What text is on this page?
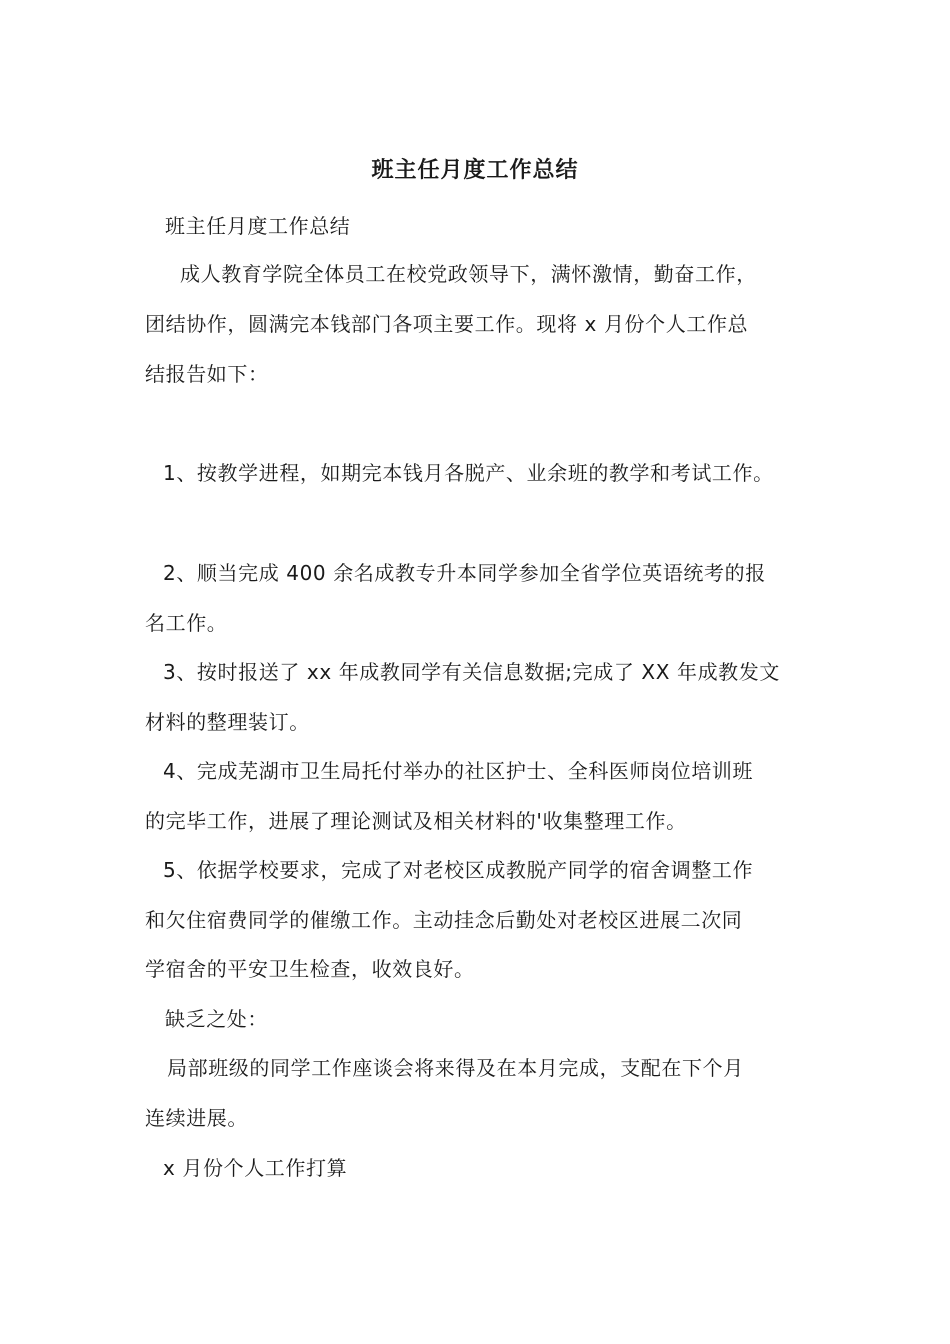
班主任月度工作总结
班主任月度工作总结
成人教育学院全体员工在校党政领导下，满怀激情，勤奋工作，
团结协作，圆满完本钱部门各项主要工作。现将 x 月份个人工作总
结报告如下：
1、按教学进程，如期完本钱月各脱产、业余班的教学和考试工作。
2、顺当完成 400 余名成教专升本同学参加全省学位英语统考的报
名工作。
3、按时报送了 xx 年成教同学有关信息数据;完成了 XX 年成教发文
材料的整理装订。
4、完成芜湖市卫生局托付举办的社区护士、全科医师岗位培训班
的完毕工作，进展了理论测试及相关材料的'收集整理工作。
5、依据学校要求，完成了对老校区成教脱产同学的宿舍调整工作
和欠住宿费同学的催缴工作。主动挂念后勤处对老校区进展二次同
学宿舍的平安卫生检查，收效良好。
缺乏之处：
局部班级的同学工作座谈会将来得及在本月完成，支配在下个月
连续进展。
x 月份个人工作打算
